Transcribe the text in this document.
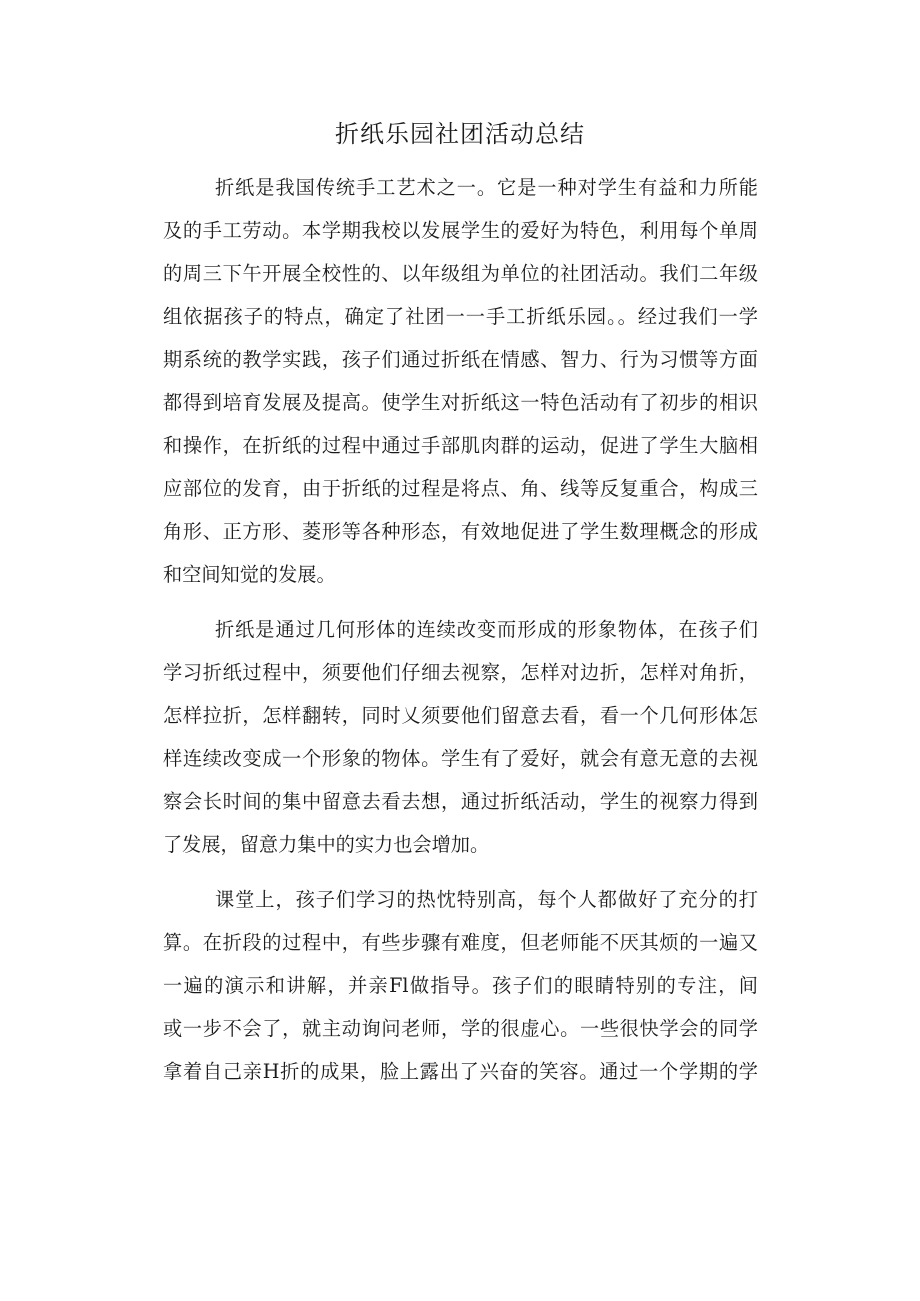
折纸乐园社团活动总结
折纸是我国传统手工艺术之一。它是一种对学生有益和力所能
及的手工劳动。本学期我校以发展学生的爱好为特色，利用每个单周
的周三下午开展全校性的、以年级组为单位的社团活动。我们二年级
组依据孩子的特点，确定了社团一一手工折纸乐园。。经过我们一学
期系统的教学实践，孩子们通过折纸在情感、智力、行为习惯等方面
都得到培育发展及提高。使学生对折纸这一特色活动有了初步的相识
和操作，在折纸的过程中通过手部肌肉群的运动，促进了学生大脑相
应部位的发育，由于折纸的过程是将点、角、线等反复重合，构成三
角形、正方形、菱形等各种形态，有效地促进了学生数理概念的形成
和空间知觉的发展。
折纸是通过几何形体的连续改变而形成的形象物体，在孩子们
学习折纸过程中，须要他们仔细去视察，怎样对边折，怎样对角折，
怎样拉折，怎样翻转，同时乂须要他们留意去看，看一个几何形体怎
样连续改变成一个形象的物体。学生有了爱好，就会有意无意的去视
察会长时间的集中留意去看去想，通过折纸活动，学生的视察力得到
了发展，留意力集中的实力也会增加。
课堂上，孩子们学习的热忱特别高，每个人都做好了充分的打
算。在折段的过程中，有些步骤有难度，但老师能不厌其烦的一遍又
一遍的演示和讲解，并亲Fl做指导。孩子们的眼睛特别的专注，间
或一步不会了，就主动询问老师，学的很虚心。一些很快学会的同学
拿着自己亲H折的成果，脸上露出了兴奋的笑容。通过一个学期的学
